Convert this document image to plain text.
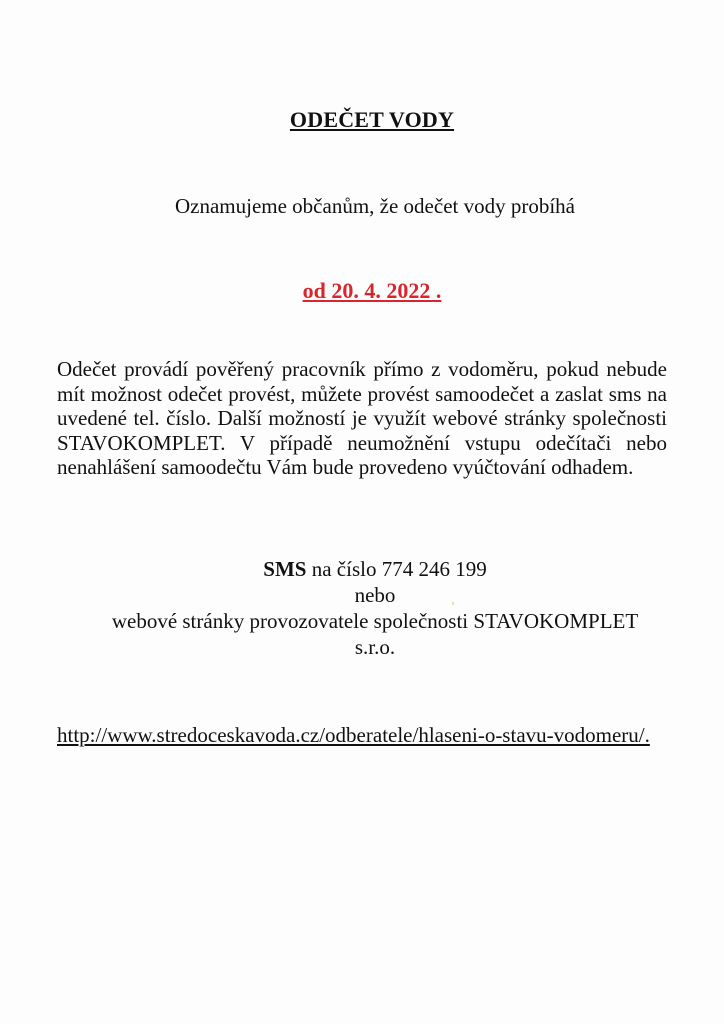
ODEČET VODY
Oznamujeme občanům, že odečet vody probíhá
od 20. 4. 2022 .
Odečet provádí pověřený pracovník přímo z vodoměru, pokud nebude mít možnost odečet provést, můžete provést samoodečet a zaslat sms na uvedené tel. číslo. Další možností je využít webové stránky společnosti STAVOKOMPLET. V případě neumožnění vstupu odečítači nebo nenahlášení samoodečtu Vám bude provedeno vyúčtování odhadem.
SMS na číslo 774 246 199
nebo
webové stránky provozovatele společnosti STAVOKOMPLET
s.r.o.
http://www.stredoceskavoda.cz/odberatele/hlaseni-o-stavu-vodomeru/.
